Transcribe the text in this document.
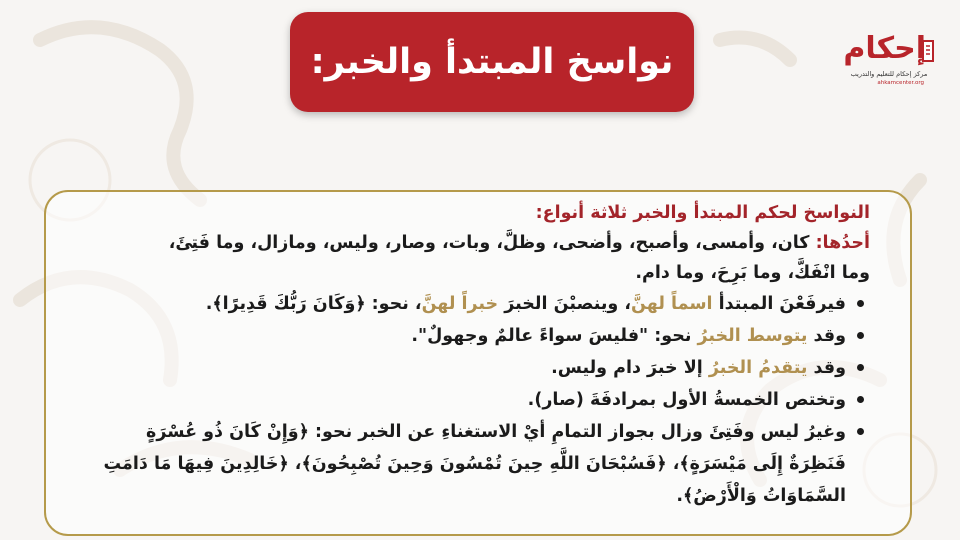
نواسخ المبتدأ والخبر:	إحكام

مركز إحكام للتعليم والتدريب

ahkamcenter.org

النواسخ لحكم المبتدأ والخبر ثلاثة أنواع:

أحدُها: كان، وأمسى، وأصبح، وأضحى، وظلَّ، وبات، وصار، وليس، ومازال، وما فَتِئَ،

وما انْفَكَّ، وما بَرِحَ، وما دام.

فيرفَعْنَ المبتدأ اسماً لهنَّ، وينصبْنَ الخبرَ خبراً لهنَّ، نحو: ﴿وَكَانَ رَبُّكَ قَدِيرًا﴾.

وقد يتوسط الخبرُ نحو: "فليسَ سواءً عالمٌ وجهولٌ".

وقد يتقدمُ الخبرُ إلا خبرَ دام وليس.

وتختص الخمسةُ الأول بمرادفَةَ (صار).

وغيرُ ليس وفَتِئَ وزال بجواز التمامِ أيْ الاستغناءِ عن الخبر نحو: ﴿وَإِنْ كَانَ ذُو عُسْرَةٍ

فَنَظِرَةٌ إِلَى مَيْسَرَةٍ﴾، ﴿فَسُبْحَانَ اللَّهِ حِينَ تُمْسُونَ وَحِينَ تُصْبِحُونَ﴾، ﴿خَالِدِينَ فِيهَا مَا دَامَتِ

السَّمَاوَاتُ وَالْأَرْضُ﴾.
